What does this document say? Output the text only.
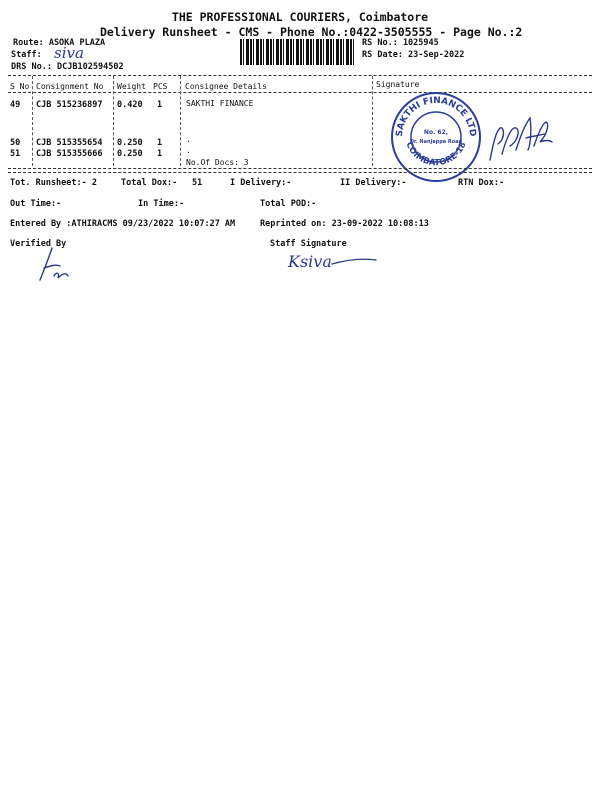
THE PROFESSIONAL COURIERS, Coimbatore
Delivery Runsheet - CMS - Phone No.:0422-3505555 - Page No.:2
Route: ASOKA PLAZA
Staff: siva
DRS No.: DCJB102594502
RS No.: 1025945
RS Date: 23-Sep-2022
S No Consignment No Weight PCS Consignee Details	Signature
49 CJB 515236897 0.420 1	SAKTHI FINANCE
50 CJB 515355654 0.250 1	.
51 CJB 515355666 0.250 1	.
No.Of Docs: 3
SAKTHI FINANCE LTD
COIMBATORE-18
No. 62,
Dr. Nanjappa Road
Tot. Runsheet:- 2	Total Dox:- 51	I Delivery:-	II Delivery:-	RTN Dox:-
Out Time:-	In Time:-	Total POD:-
Entered By :ATHIRACMS 09/23/2022 10:07:27 AM	Reprinted on: 23-09-2022 10:08:13
Verified By	Staff Signature
Ksiva
